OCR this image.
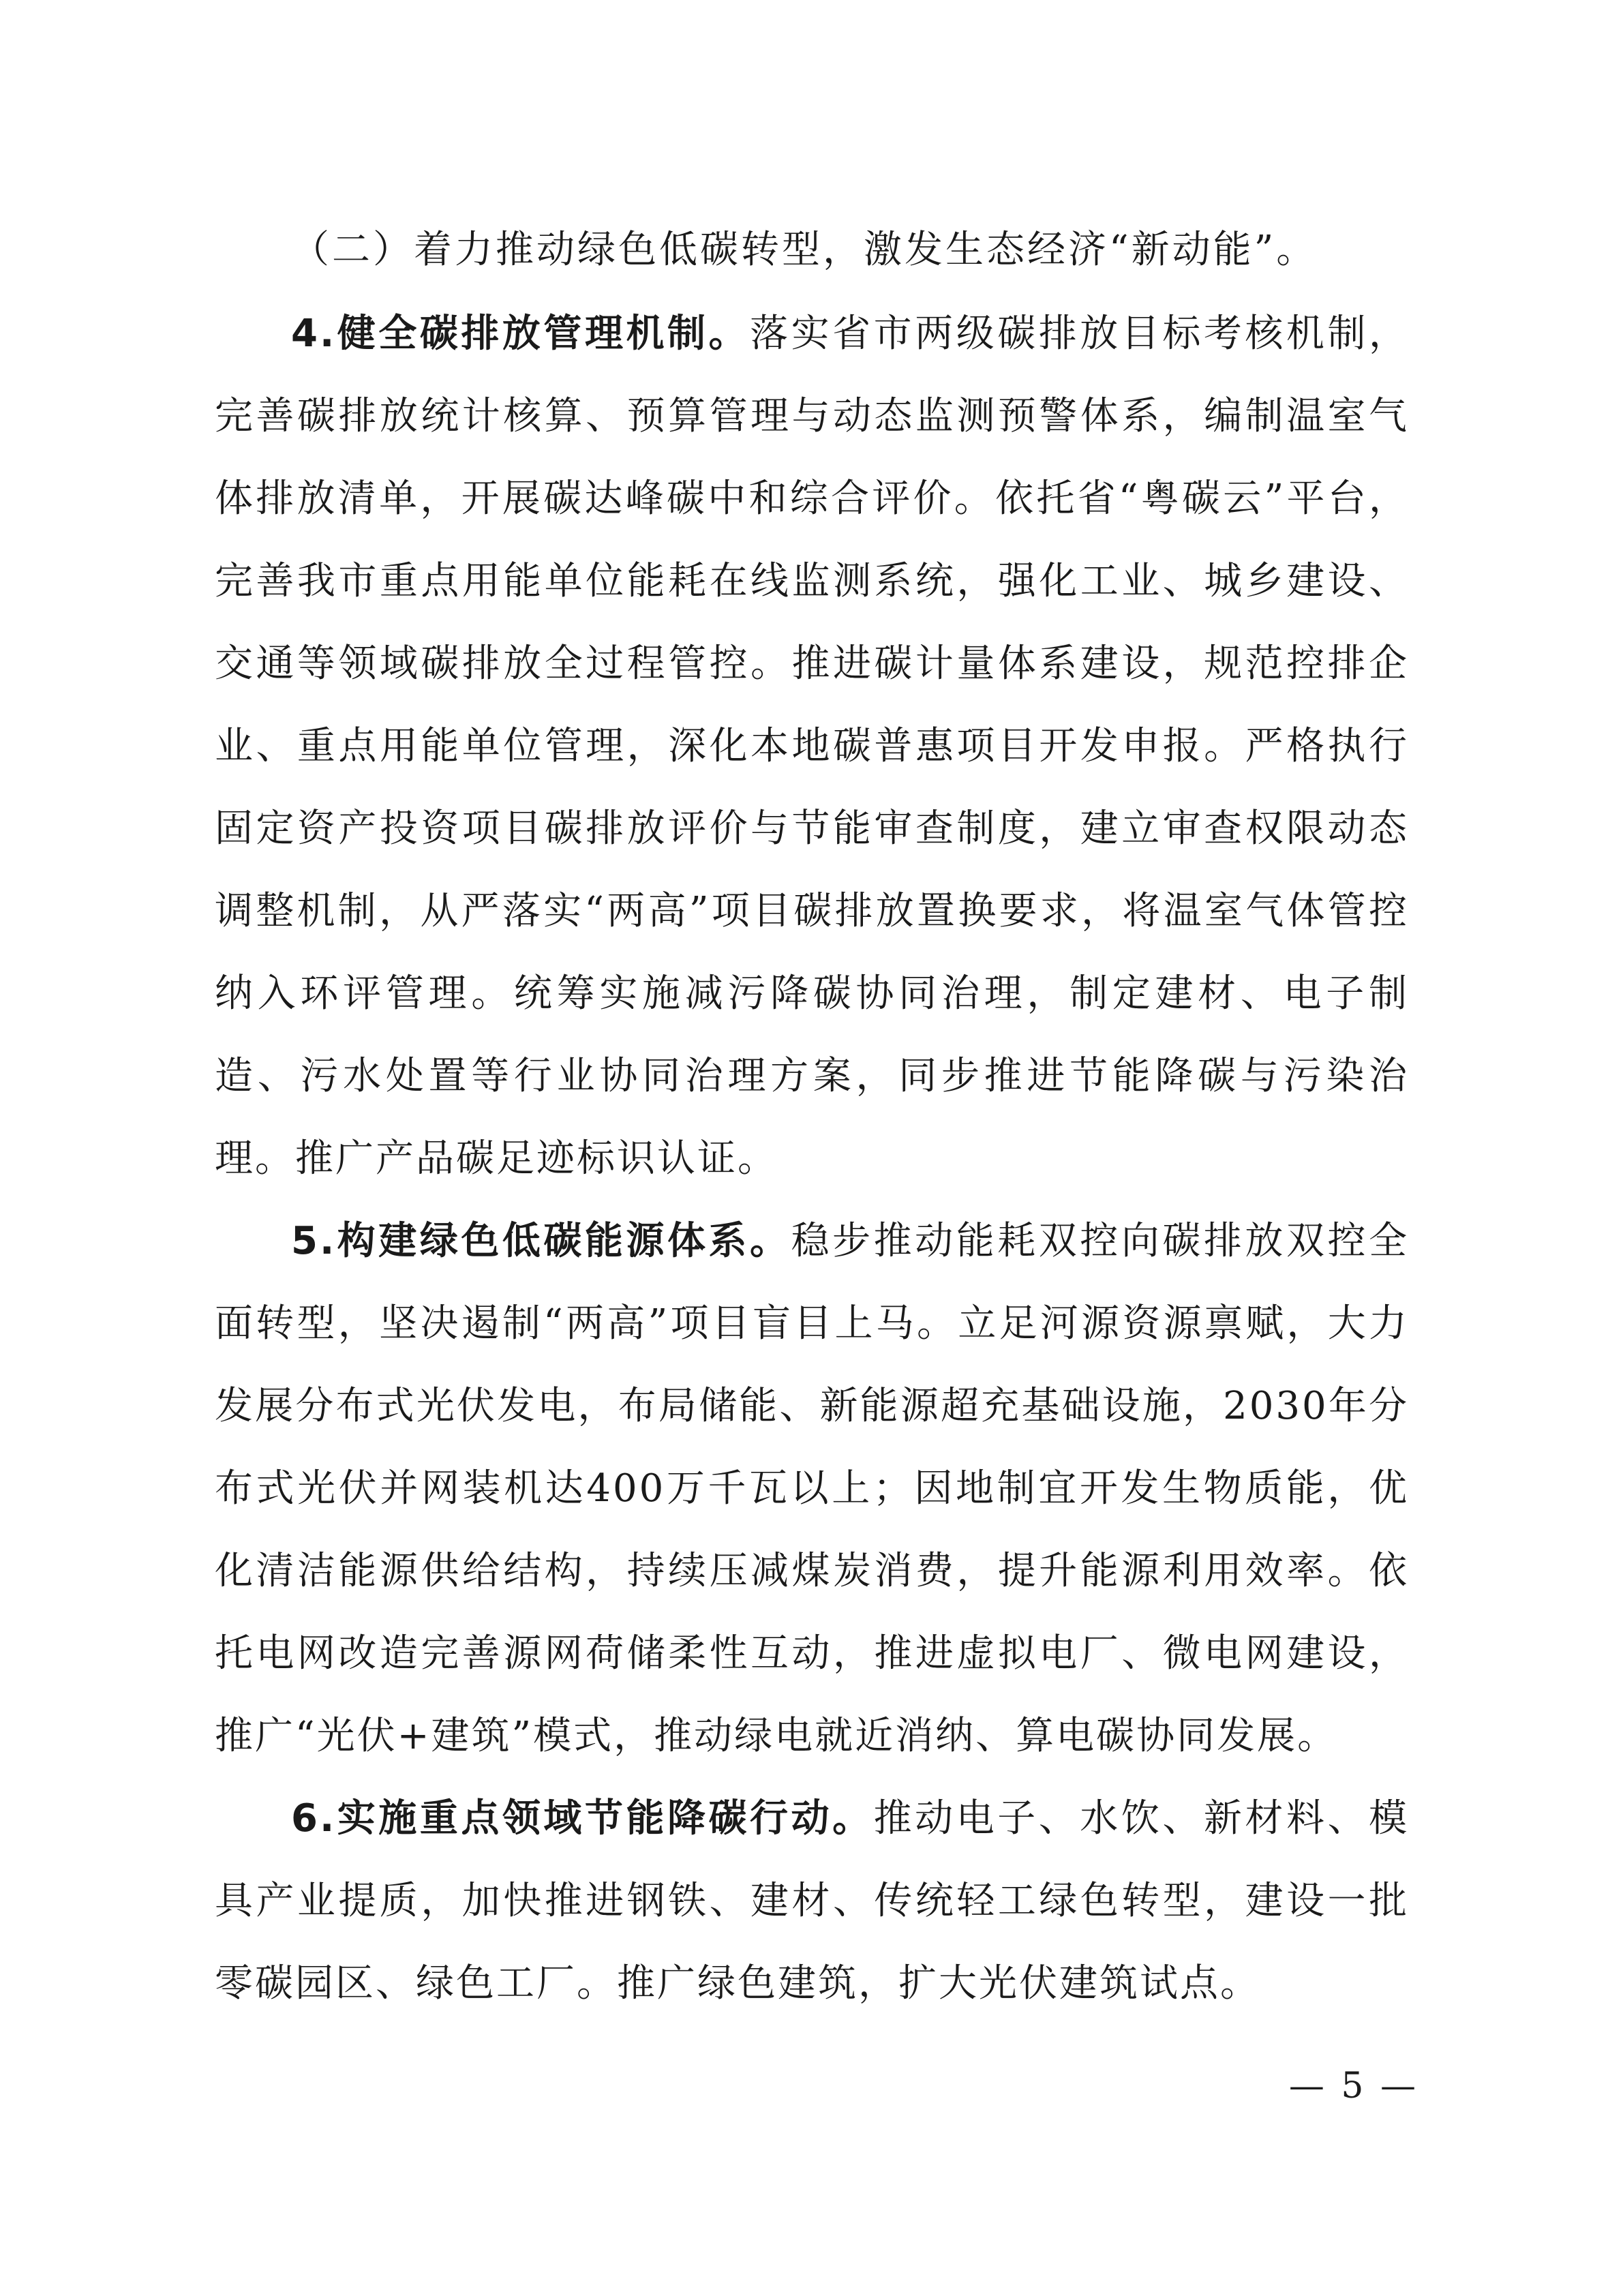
（二）着力推动绿色低碳转型，激发生态经济“新动能”。

4.健全碳排放管理机制。落实省市两级碳排放目标考核机制，完善碳排放统计核算、预算管理与动态监测预警体系，编制温室气体排放清单，开展碳达峰碳中和综合评价。依托省“粤碳云”平台，完善我市重点用能单位能耗在线监测系统，强化工业、城乡建设、交通等领域碳排放全过程管控。推进碳计量体系建设，规范控排企业、重点用能单位管理，深化本地碳普惠项目开发申报。严格执行固定资产投资项目碳排放评价与节能审查制度，建立审查权限动态调整机制，从严落实“两高”项目碳排放置换要求，将温室气体管控纳入环评管理。统筹实施减污降碳协同治理，制定建材、电子制造、污水处置等行业协同治理方案，同步推进节能降碳与污染治理。推广产品碳足迹标识认证。

5.构建绿色低碳能源体系。稳步推动能耗双控向碳排放双控全面转型，坚决遏制“两高”项目盲目上马。立足河源资源禀赋，大力发展分布式光伏发电，布局储能、新能源超充基础设施，2030年分布式光伏并网装机达400万千瓦以上；因地制宜开发生物质能，优化清洁能源供给结构，持续压减煤炭消费，提升能源利用效率。依托电网改造完善源网荷储柔性互动，推进虚拟电厂、微电网建设，推广“光伏+建筑”模式，推动绿电就近消纳、算电碳协同发展。

6.实施重点领域节能降碳行动。推动电子、水饮、新材料、模具产业提质，加快推进钢铁、建材、传统轻工绿色转型，建设一批零碳园区、绿色工厂。推广绿色建筑，扩大光伏建筑试点。

— 5 —
